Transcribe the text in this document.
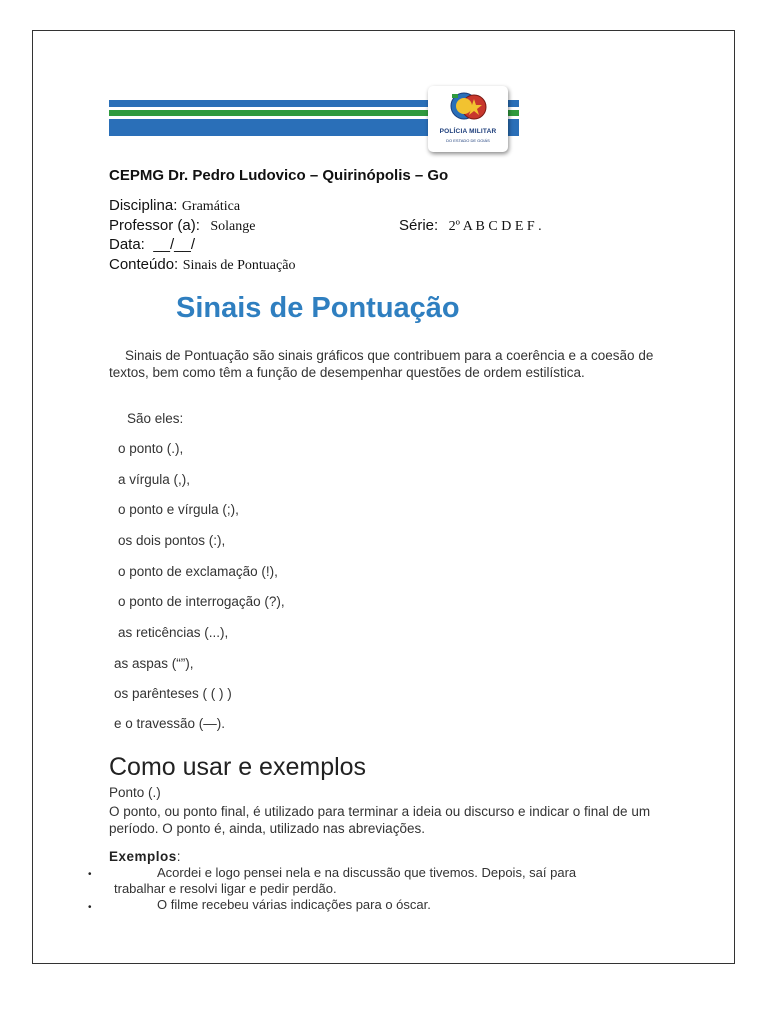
POLÍCIA MILITAR
DO ESTADO DE GOIÁS
CEPMG Dr. Pedro Ludovico – Quirinópolis – Go
Disciplina: Gramática
Professor (a): Solange	Série: 2º A B C D E F .
Data: __/__/
Conteúdo: Sinais de Pontuação
Sinais de Pontuação
Sinais de Pontuação são sinais gráficos que contribuem para a coerência e a coesão de textos, bem como têm a função de desempenhar questões de ordem estilística.
São eles:
o ponto (.),
a vírgula (,),
o ponto e vírgula (;),
os dois pontos (:),
o ponto de exclamação (!),
o ponto de interrogação (?),
as reticências (...),
as aspas (“”),
os parênteses ( ( ) )
e o travessão (—).
Como usar e exemplos
Ponto (.)
O ponto, ou ponto final, é utilizado para terminar a ideia ou discurso e indicar o final de um período. O ponto é, ainda, utilizado nas abreviações.
Exemplos:
•	Acordei e logo pensei nela e na discussão que tivemos. Depois, saí para
trabalhar e resolvi ligar e pedir perdão.
•	O filme recebeu várias indicações para o óscar.
